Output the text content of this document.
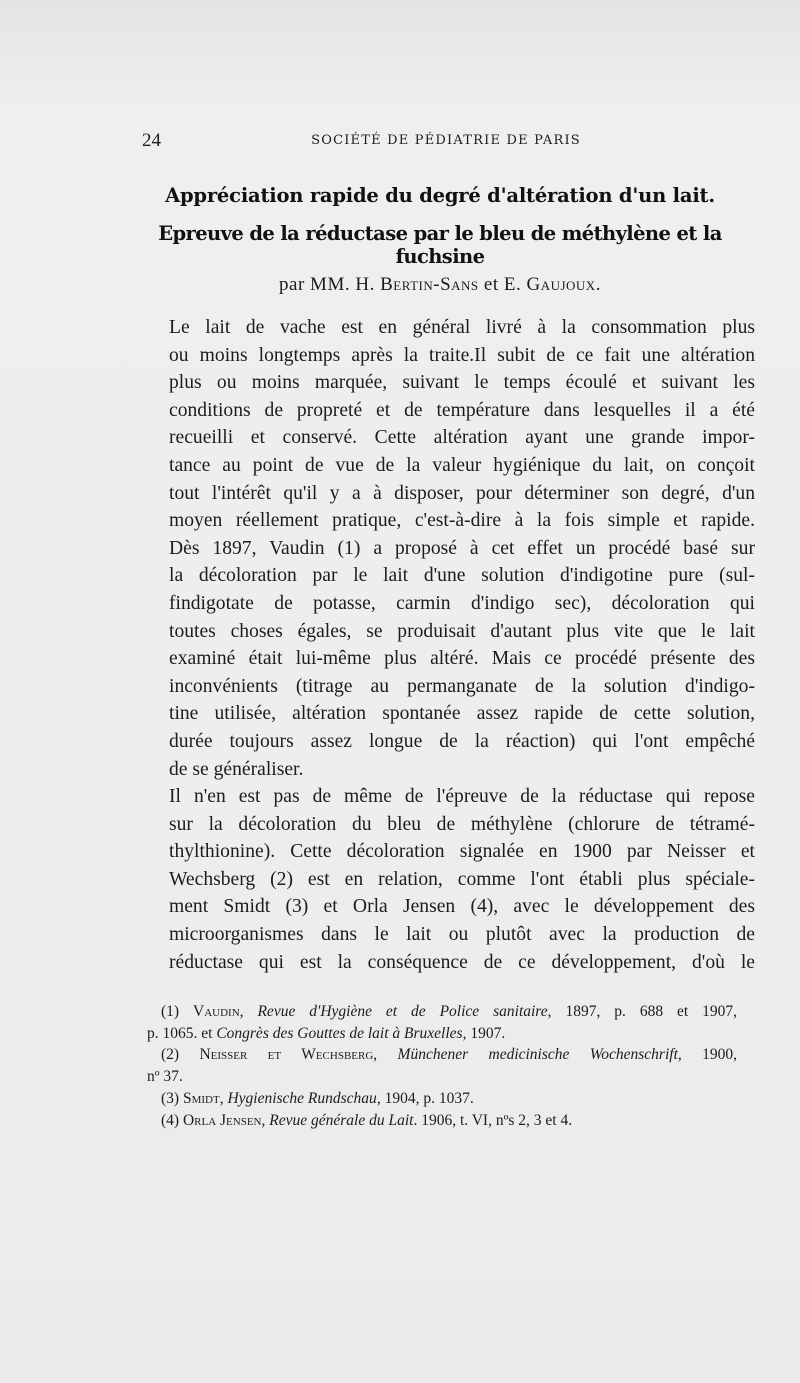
24	SOCIÉTÉ DE PÉDIATRIE DE PARIS
Appréciation rapide du degré d'altération d'un lait.
Epreuve de la réductase par le bleu de méthylène et la fuchsine
par MM. H. Bertin-Sans et E. Gaujoux.

Le lait de vache est en général livré à la consommation plus
ou moins longtemps après la traite.Il subit de ce fait une altération
plus ou moins marquée, suivant le temps écoulé et suivant les
conditions de propreté et de température dans lesquelles il a été
recueilli et conservé. Cette altération ayant une grande impor-
tance au point de vue de la valeur hygiénique du lait, on conçoit
tout l'intérêt qu'il y a à disposer, pour déterminer son degré, d'un
moyen réellement pratique, c'est-à-dire à la fois simple et rapide.

Dès 1897, Vaudin (1) a proposé à cet effet un procédé basé sur
la décoloration par le lait d'une solution d'indigotine pure (sul-
findigotate de potasse, carmin d'indigo sec), décoloration qui
toutes choses égales, se produisait d'autant plus vite que le lait
examiné était lui-même plus altéré. Mais ce procédé présente des
inconvénients (titrage au permanganate de la solution d'indigo-
tine utilisée, altération spontanée assez rapide de cette solution,
durée toujours assez longue de la réaction) qui l'ont empêché
de se généraliser.

Il n'en est pas de même de l'épreuve de la réductase qui repose
sur la décoloration du bleu de méthylène (chlorure de tétramé-
thylthionine). Cette décoloration signalée en 1900 par Neisser et
Wechsberg (2) est en relation, comme l'ont établi plus spéciale-
ment Smidt (3) et Orla Jensen (4), avec le développement des
microorganismes dans le lait ou plutôt avec la production de
réductase qui est la conséquence de ce développement, d'où le

(1) Vaudin, Revue d'Hygiène et de Police sanitaire, 1897, p. 688 et 1907,
p. 1065. et Congrès des Gouttes de lait à Bruxelles, 1907.
(2) Neisser et Wechsberg, Münchener medicinische Wochenschrift, 1900,
nº 37.
(3) Smidt, Hygienische Rundschau, 1904, p. 1037.
(4) Orla Jensen, Revue générale du Lait. 1906, t. VI, nºs 2, 3 et 4.
